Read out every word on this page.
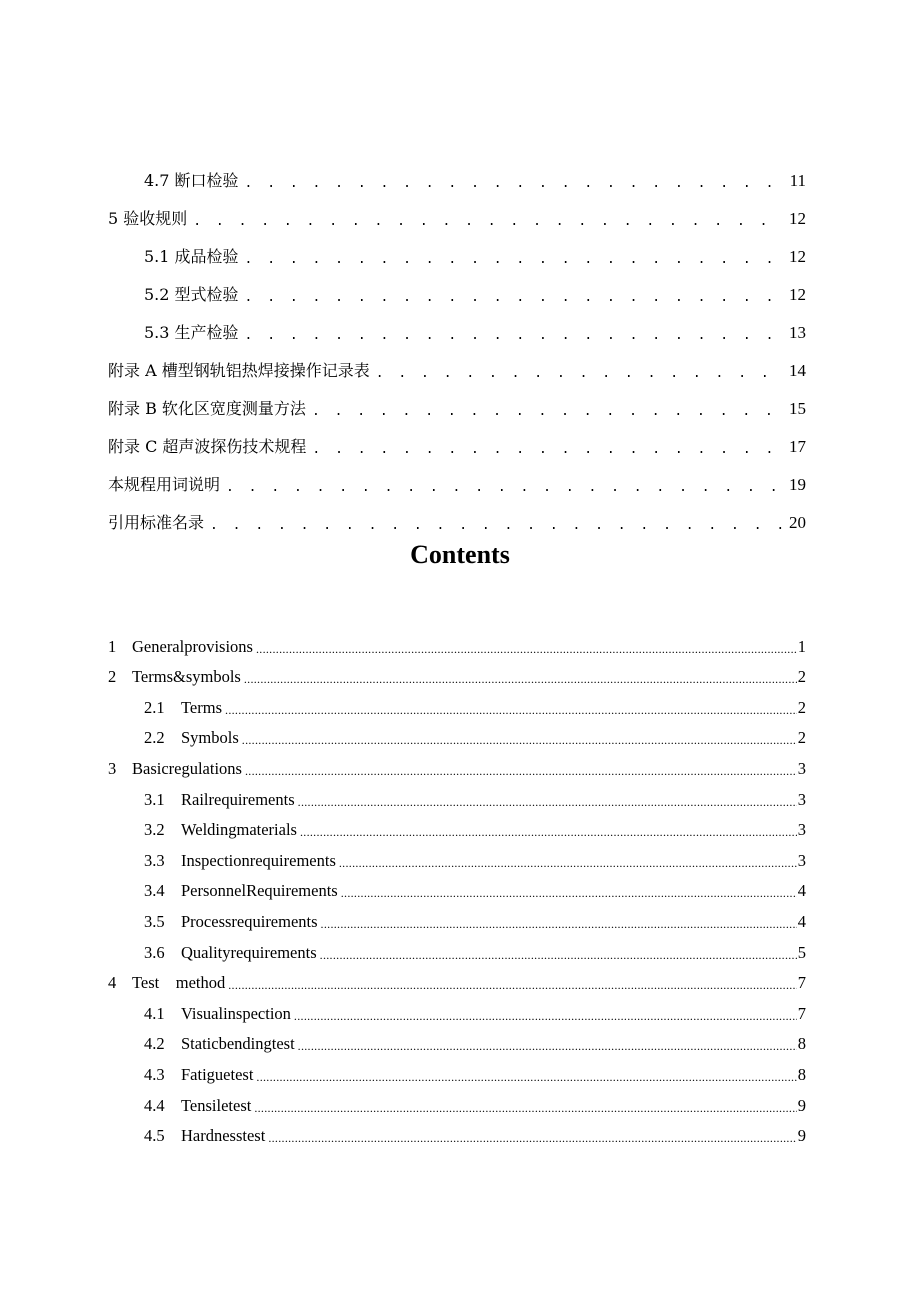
4.7 断口检验 . . .	11
5 验收规则 . . .	12
5.1 成品检验 . . .	12
5.2 型式检验 . . .	12
5.3 生产检验 . . .	13
附录 A 槽型钢轨铝热焊接操作记录表 . . .	14
附录 B 软化区宽度测量方法 . . .	15
附录 C 超声波探伤技术规程 . . .	17
本规程用词说明 . . .	19
引用标准名录 . . .	20
Contents
1 Generalprovisions .....	1
2 Terms&symbols .....	2
2.1 Terms .....	2
2.2 Symbols .....	2
3 Basicregulations .....	3
3.1 Railrequirements .....	3
3.2 Weldingmaterials .....	3
3.3 Inspectionrequirements .....	3
3.4 PersonnelRequirements .....	4
3.5 Processrequirements .....	4
3.6 Qualityrequirements .....	5
4 Test    method .....	7
4.1 Visualinspection .....	7
4.2 Staticbendingtest .....	8
4.3 Fatiguetest .....	8
4.4 Tensiletest .....	9
4.5 Hardnesstest .....	9
